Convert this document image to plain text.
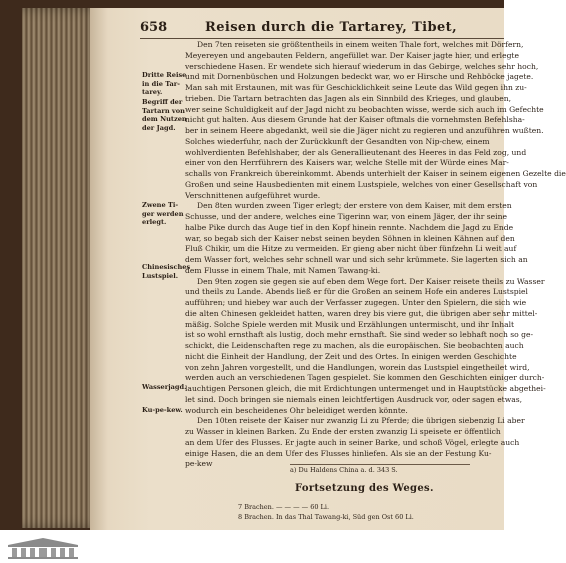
658	Reisen durch die Tartarey, Tibet,

Dritte Reise

in die Tar-

tarey.

Begriff der

Tartarn von

dem Nutzen

der Jagd.

Zwene Ti-

ger werden

erlegt.

Chinesisches

Lustspiel.

Wasserjagd.

Ku-pe-kew.

Den 7ten reiseten sie größtentheils in einem weiten Thale fort, welches mit Dörfern,

Meyereyen und angebauten Feldern, angefüllet war. Der Kaiser jagte hier, und erlegte

verschiedene Hasen. Er wendete sich hierauf wiederum in das Gebirge, welches sehr hoch,

und mit Dornenbüschen und Holzungen bedeckt war, wo er Hirsche und Rehböcke jagete.

Man sah mit Erstaunen, mit was für Geschicklichkeit seine Leute das Wild gegen ihn zu-

trieben. Die Tartarn betrachten das Jagen als ein Sinnbild des Krieges, und glauben,

wer seine Schuldigkeit auf der Jagd nicht zu beobachten wisse, werde sich auch im Gefechte

nicht gut halten. Aus diesem Grunde hat der Kaiser oftmals die vornehmsten Befehlsha-

ber in seinem Heere abgedankt, weil sie die Jäger nicht zu regieren und anzuführen wußten.

Solches wiederfuhr, nach der Zurückkunft der Gesandten von Nip-chew, einem

wohlverdienten Befehlshaber, der als Generallieutenant des Heeres in das Feld zog, und

einer von den Herrführern des Kaisers war, welche Stelle mit der Würde eines Mar-

schalls von Frankreich übereinkommt. Abends unterhielt der Kaiser in seinem eigenen Gezelte die

Großen und seine Hausbedienten mit einem Lustspiele, welches von einer Gesellschaft von

Verschnittenen aufgeführet wurde.

Den 8ten wurden zween Tiger erlegt; der erstere von dem Kaiser, mit dem ersten

Schusse, und der andere, welches eine Tigerinn war, von einem Jäger, der ihr seine

halbe Pike durch das Auge tief in den Kopf hinein rennte. Nachdem die Jagd zu Ende

war, so begab sich der Kaiser nebst seinen beyden Söhnen in kleinen Kähnen auf den

Fluß Chikir, um die Hitze zu vermeiden. Er gieng aber nicht über fünfzehn Li weit auf

dem Wasser fort, welches sehr schnell war und sich sehr krümmete. Sie lagerten sich an

dem Flusse in einem Thale, mit Namen Tawang-ki.

Den 9ten zogen sie gegen sie auf eben dem Wege fort. Der Kaiser reisete theils zu Wasser

und theils zu Lande. Abends ließ er für die Großen an seinem Hofe ein anderes Lustspiel

aufführen; und hiebey war auch der Verfasser zugegen. Unter den Spielern, die sich wie

die alten Chinesen gekleidet hatten, waren drey bis viere gut, die übrigen aber sehr mittel-

mäßig. Solche Spiele werden mit Musik und Erzählungen untermischt, und ihr Inhalt

ist so wohl ernsthaft als lustig, doch mehr ernsthaft. Sie sind weder so lebhaft noch so ge-

schickt, die Leidenschaften rege zu machen, als die europäischen. Sie beobachten auch

nicht die Einheit der Handlung, der Zeit und des Ortes. In einigen werden Geschichte

von zehn Jahren vorgestellt, und die Handlungen, worein das Lustspiel eingetheilet wird,

werden auch an verschiedenen Tagen gespielet. Sie kommen den Geschichten einiger durch-

lauchtigen Personen gleich, die mit Erdichtungen untermenget und in Hauptstücke abgethei-

let sind. Doch bringen sie niemals einen leichtfertigen Ausdruck vor, oder sagen etwas,

wodurch ein bescheidenes Ohr beleidiget werden könnte.

Den 10ten reisete der Kaiser nur zwanzig Li zu Pferde; die übrigen siebenzig Li aber

zu Wasser in kleinen Barken. Zu Ende der ersten zwanzig Li speisete er öffentlich

an dem Ufer des Flusses. Er jagte auch in seiner Barke, und schoß Vögel, erlegte auch

einige Hasen, die an dem Ufer des Flusses hinliefen. Als sie an der Festung Ku-

pe-kew

a) Du Haldens China a. d. 343 S.
Fortsetzung des Weges.

7 Brachen. — — — — 60 Li.

8 Brachen. In das Thal Tawang-ki, Süd gen Ost 60 Li.
